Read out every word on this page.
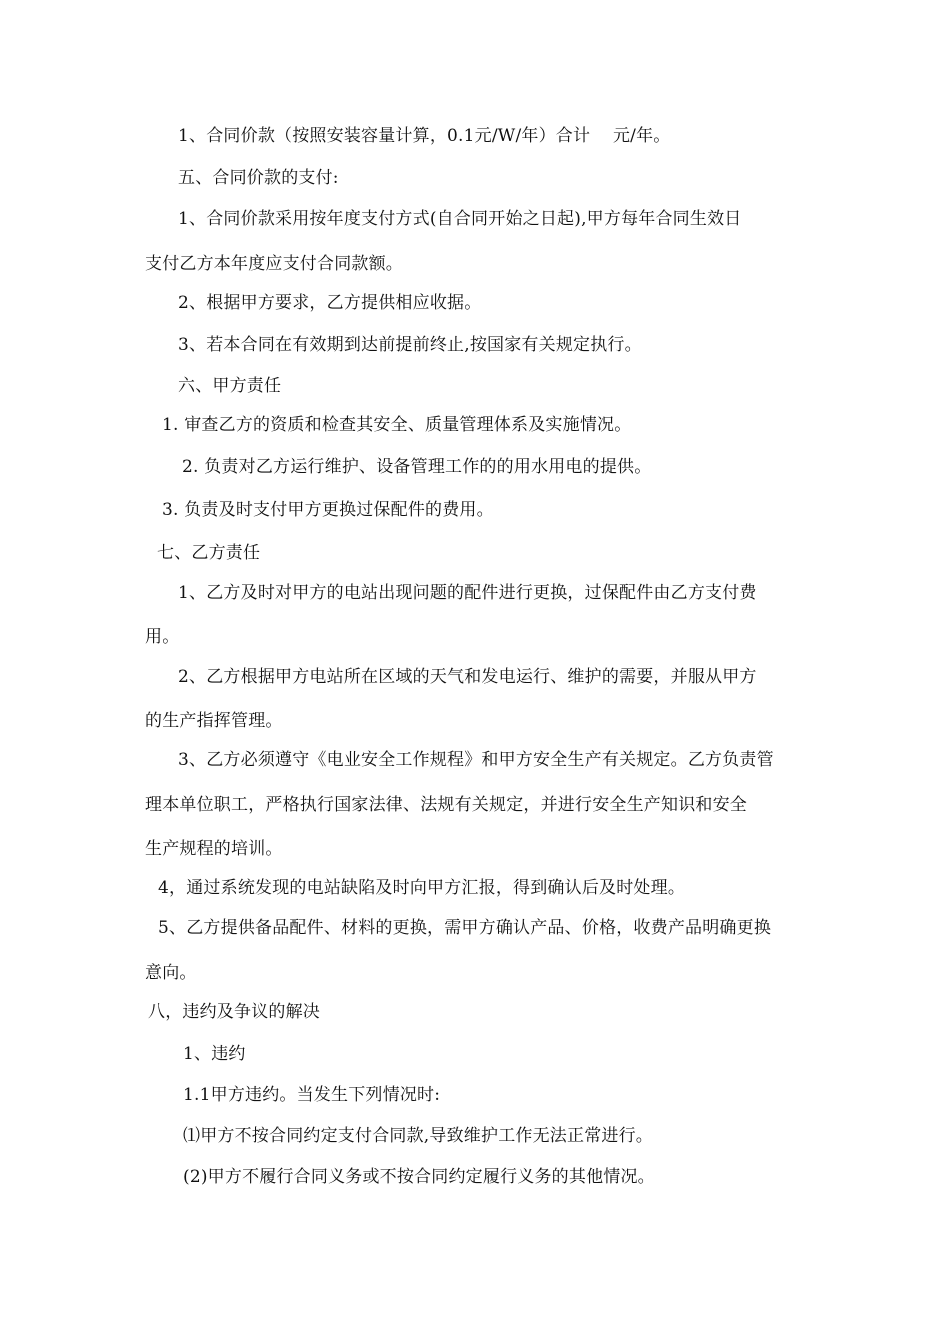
1、合同价款（按照安装容量计算，0.1元/W/年）合计　 元/年。
五、合同价款的支付:
1、合同价款采用按年度支付方式(自合同开始之日起),甲方每年合同生效日
支付乙方本年度应支付合同款额。
2、根据甲方要求，乙方提供相应收据。
3、若本合同在有效期到达前提前终止,按国家有关规定执行。
六、甲方责任
1. 审查乙方的资质和检查其安全、质量管理体系及实施情况。
2. 负责对乙方运行维护、设备管理工作的的用水用电的提供。
3. 负责及时支付甲方更换过保配件的费用。
七、乙方责任
1、乙方及时对甲方的电站出现问题的配件进行更换，过保配件由乙方支付费
用。
2、乙方根据甲方电站所在区域的天气和发电运行、维护的需要，并服从甲方
的生产指挥管理。
3、乙方必须遵守《电业安全工作规程》和甲方安全生产有关规定。乙方负责管
理本单位职工，严格执行国家法律、法规有关规定，并进行安全生产知识和安全
生产规程的培训。
4，通过系统发现的电站缺陷及时向甲方汇报，得到确认后及时处理。
5、乙方提供备品配件、材料的更换，需甲方确认产品、价格，收费产品明确更换
意向。
八，违约及争议的解决
1、违约
1.1甲方违约。当发生下列情况时:
⑴甲方不按合同约定支付合同款,导致维护工作无法正常进行。
(2)甲方不履行合同义务或不按合同约定履行义务的其他情况。
